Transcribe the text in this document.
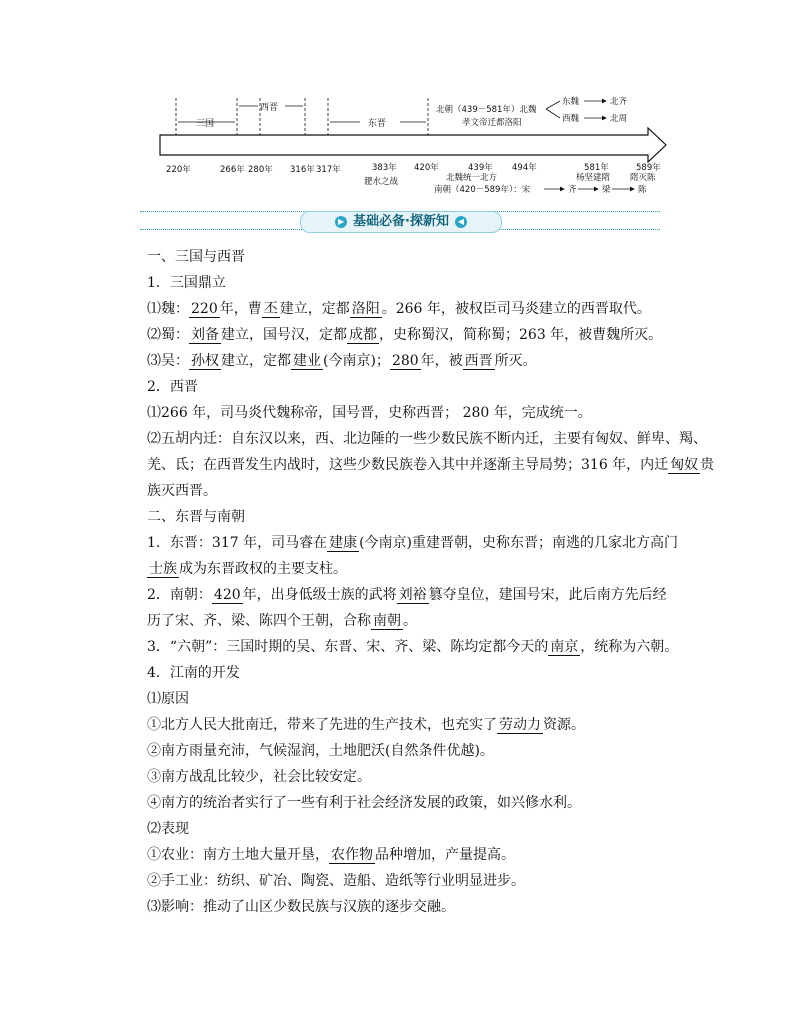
三国
西晋
东晋
北朝（439－581年）北魏
孝文帝迁都洛阳
东魏	北齐
西魏	北周
220年	266年 280年 316年 317年	383年 420年	439年 494年	581年	589年
淝水之战	北魏统一北方	杨坚建隋 隋灭陈
南朝（420－589年）：宋	齐	梁	陈
▶ 基础必备·探新知 ◀
一、三国与西晋
1．三国鼎立
⑴魏： 220 年，曹 丕 建立，定都 洛阳 。266 年，被权臣司马炎建立的西晋取代。
⑵蜀： 刘备 建立，国号汉，定都 成都 ，史称蜀汉，简称蜀；263 年，被曹魏所灭。
⑶吴： 孙权 建立，定都 建业 (今南京)； 280 年，被 西晋 所灭。
2．西晋
⑴266 年，司马炎代魏称帝，国号晋，史称西晋； 280 年，完成统一。
⑵五胡内迁：自东汉以来，西、北边陲的一些少数民族不断内迁，主要有匈奴、鲜卑、羯、
羌、氐；在西晋发生内战时，这些少数民族卷入其中并逐渐主导局势；316 年，内迁 匈奴 贵
族灭西晋。
二、东晋与南朝
1．东晋：317 年，司马睿在 建康 (今南京)重建晋朝，史称东晋；南逃的几家北方高门
士族 成为东晋政权的主要支柱。
2．南朝： 420 年，出身低级士族的武将 刘裕 篡夺皇位，建国号宋，此后南方先后经
历了宋、齐、梁、陈四个王朝，合称 南朝 。
3．“六朝”：三国时期的吴、东晋、宋、齐、梁、陈均定都今天的 南京 ，统称为六朝。
4．江南的开发
⑴原因
①北方人民大批南迁，带来了先进的生产技术，也充实了 劳动力 资源。
②南方雨量充沛，气候湿润，土地肥沃(自然条件优越)。
③南方战乱比较少，社会比较安定。
④南方的统治者实行了一些有利于社会经济发展的政策，如兴修水利。
⑵表现
①农业：南方土地大量开垦， 农作物 品种增加，产量提高。
②手工业：纺织、矿冶、陶瓷、造船、造纸等行业明显进步。
⑶影响：推动了山区少数民族与汉族的逐步交融。
